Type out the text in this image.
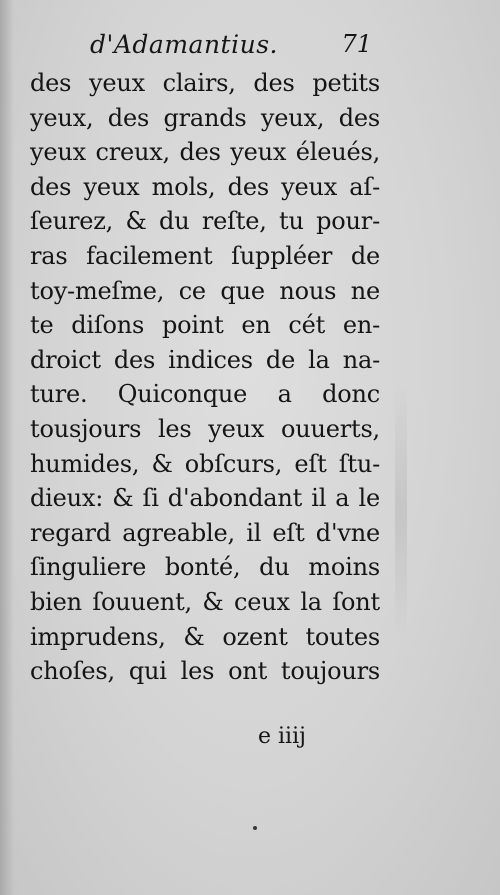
d'Adamantius.	71
des yeux clairs, des petits
yeux, des grands yeux, des
yeux creux, des yeux éleués,
des yeux mols, des yeux aſ-
ſeurez, & du reſte, tu pour-
ras facilement ſuppléer de
toy-meſme, ce que nous ne
te diſons point en cét en-
droict des indices de la na-
ture. Quiconque a donc
tousjours les yeux ouuerts,
humides, & obſcurs, eſt ſtu-
dieux: & ſi d'abondant il a le
regard agreable, il eſt d'vne
ſinguliere bonté, du moins
bien ſouuent, & ceux la ſont
imprudens, & ozent toutes
choſes, qui les ont toujours
e iiij
